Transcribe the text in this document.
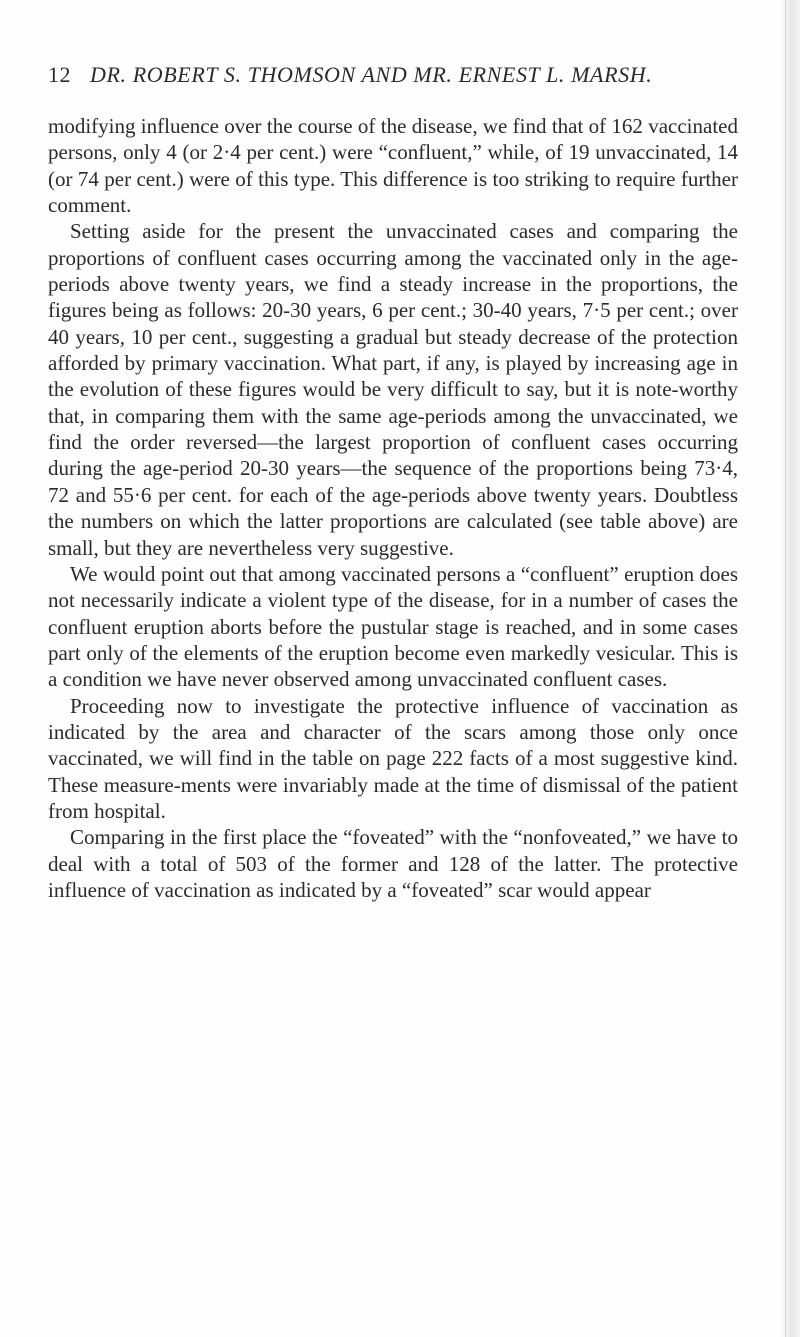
12 DR. ROBERT S. THOMSON AND MR. ERNEST L. MARSH.

modifying influence over the course of the disease, we find that of 162 vaccinated persons, only 4 (or 2·4 per cent.) were “confluent,” while, of 19 unvaccinated, 14 (or 74 per cent.) were of this type. This difference is too striking to require further comment.

Setting aside for the present the unvaccinated cases and comparing the proportions of confluent cases occurring among the vaccinated only in the age-periods above twenty years, we find a steady increase in the proportions, the figures being as follows: 20-30 years, 6 per cent.; 30-40 years, 7·5 per cent.; over 40 years, 10 per cent., suggesting a gradual but steady decrease of the protection afforded by primary vaccination. What part, if any, is played by increasing age in the evolution of these figures would be very difficult to say, but it is note-worthy that, in comparing them with the same age-periods among the unvaccinated, we find the order reversed—the largest proportion of confluent cases occurring during the age-period 20-30 years—the sequence of the proportions being 73·4, 72 and 55·6 per cent. for each of the age-periods above twenty years. Doubtless the numbers on which the latter proportions are calculated (see table above) are small, but they are nevertheless very suggestive.

We would point out that among vaccinated persons a “confluent” eruption does not necessarily indicate a violent type of the disease, for in a number of cases the confluent eruption aborts before the pustular stage is reached, and in some cases part only of the elements of the eruption become even markedly vesicular. This is a condition we have never observed among unvaccinated confluent cases.

Proceeding now to investigate the protective influence of vaccination as indicated by the area and character of the scars among those only once vaccinated, we will find in the table on page 222 facts of a most suggestive kind. These measure-ments were invariably made at the time of dismissal of the patient from hospital.

Comparing in the first place the “foveated” with the “nonfoveated,” we have to deal with a total of 503 of the former and 128 of the latter. The protective influence of vaccination as indicated by a “foveated” scar would appear
